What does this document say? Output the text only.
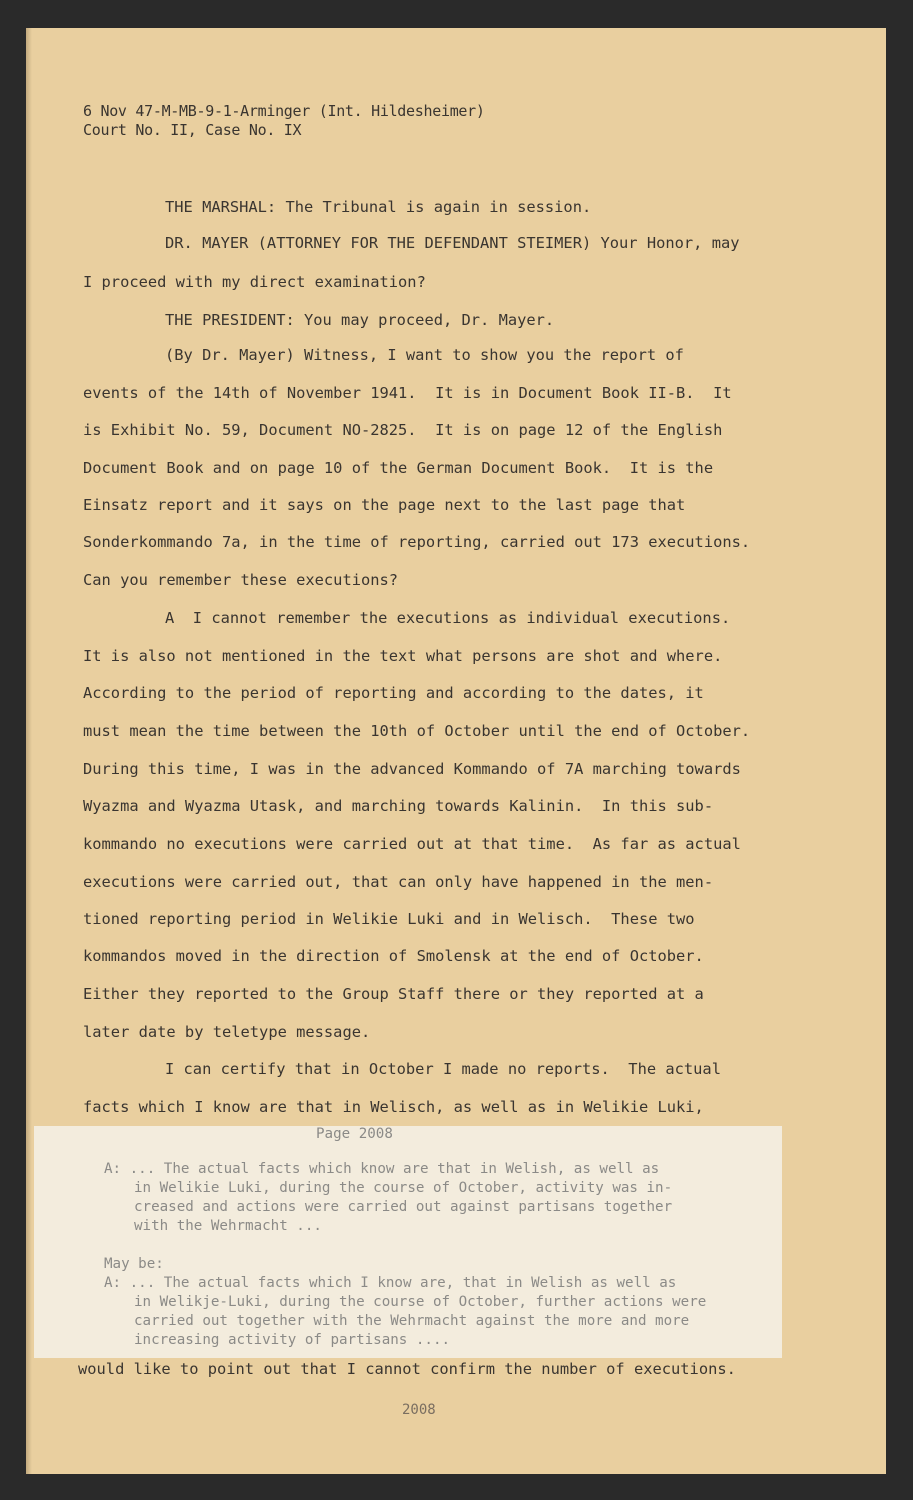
6 Nov 47-M-MB-9-1-Arminger (Int. Hildesheimer)
Court No. II, Case No. IX
THE MARSHAL: The Tribunal is again in session.
DR. MAYER (ATTORNEY FOR THE DEFENDANT STEIMER) Your Honor, may
I proceed with my direct examination?
THE PRESIDENT: You may proceed, Dr. Mayer.
(By Dr. Mayer) Witness, I want to show you the report of
events of the 14th of November 1941.  It is in Document Book II-B.  It
is Exhibit No. 59, Document NO-2825.  It is on page 12 of the English
Document Book and on page 10 of the German Document Book.  It is the
Einsatz report and it says on the page next to the last page that
Sonderkommando 7a, in the time of reporting, carried out 173 executions.
Can you remember these executions?
A  I cannot remember the executions as individual executions.
It is also not mentioned in the text what persons are shot and where.
According to the period of reporting and according to the dates, it
must mean the time between the 10th of October until the end of October.
During this time, I was in the advanced Kommando of 7A marching towards
Wyazma and Wyazma Utask, and marching towards Kalinin.  In this sub-
kommando no executions were carried out at that time.  As far as actual
executions were carried out, that can only have happened in the men-
tioned reporting period in Welikie Luki and in Welisch.  These two
kommandos moved in the direction of Smolensk at the end of October.
Either they reported to the Group Staff there or they reported at a
later date by teletype message.
I can certify that in October I made no reports.  The actual
facts which I know are that in Welisch, as well as in Welikie Luki,
Page 2008
A: ... The actual facts which know are that in Welish, as well as
in Welikie Luki, during the course of October, activity was in-
creased and actions were carried out against partisans together
with the Wehrmacht ...
May be:
A: ... The actual facts which I know are, that in Welish as well as
in Welikje-Luki, during the course of October, further actions were
carried out together with the Wehrmacht against the more and more
increasing activity of partisans ....
would like to point out that I cannot confirm the number of executions.
2008
